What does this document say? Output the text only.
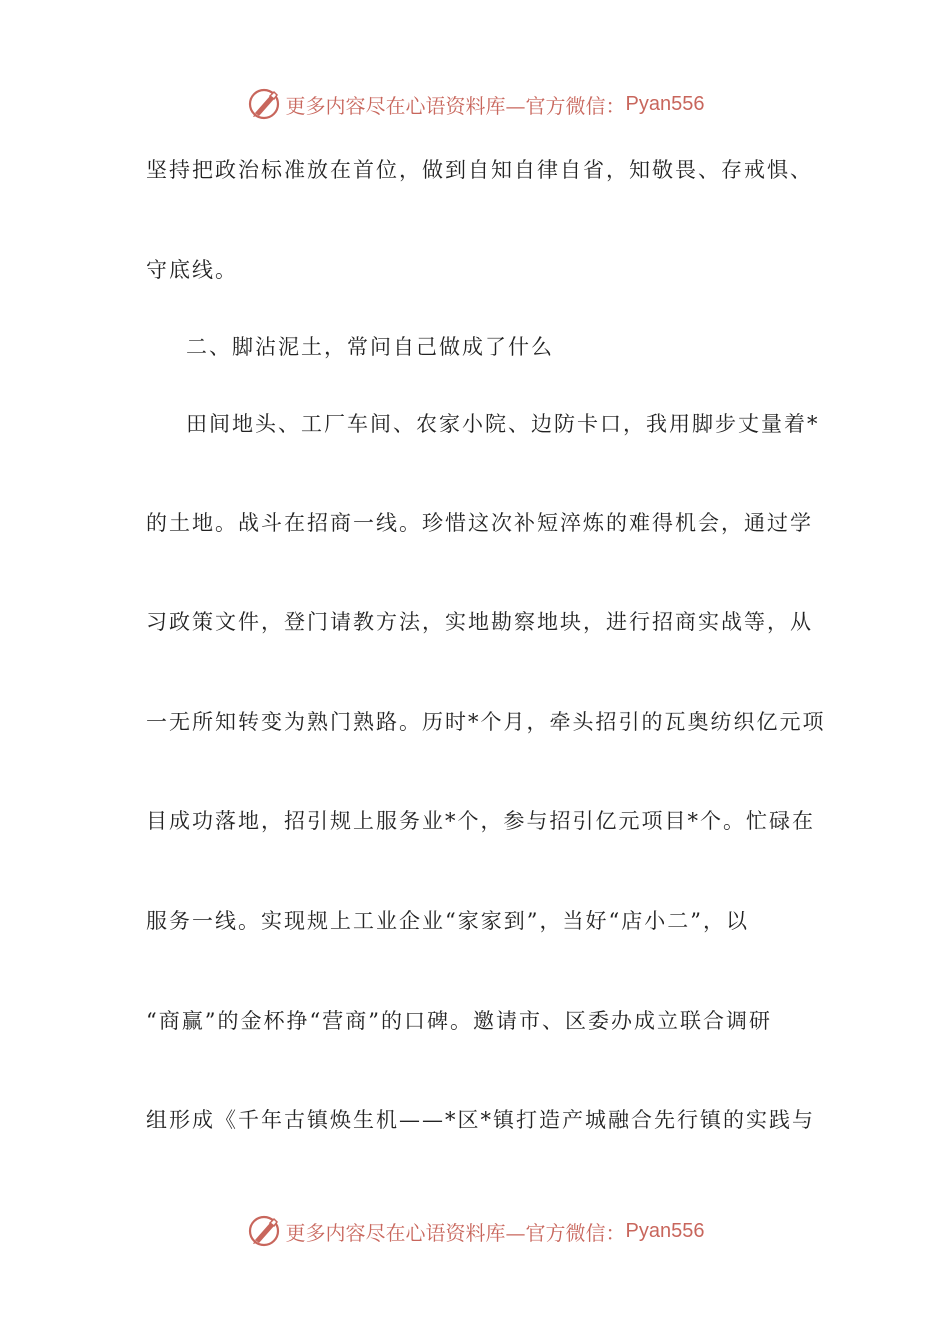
更多内容尽在心语资料库—官方微信： Pyan556
坚持把政治标准放在首位，做到自知自律自省，知敬畏、存戒惧、
守底线。
二、脚沾泥土，常问自己做成了什么
田间地头、工厂车间、农家小院、边防卡口，我用脚步丈量着*
的土地。战斗在招商一线。珍惜这次补短淬炼的难得机会，通过学
习政策文件，登门请教方法，实地勘察地块，进行招商实战等，从
一无所知转变为熟门熟路。历时*个月，牵头招引的瓦奥纺织亿元项
目成功落地，招引规上服务业*个，参与招引亿元项目*个。忙碌在
服务一线。实现规上工业企业“家家到”，当好“店小二”，以
“商赢”的金杯挣“营商”的口碑。邀请市、区委办成立联合调研
组形成《千年古镇焕生机——*区*镇打造产城融合先行镇的实践与
更多内容尽在心语资料库—官方微信： Pyan556
